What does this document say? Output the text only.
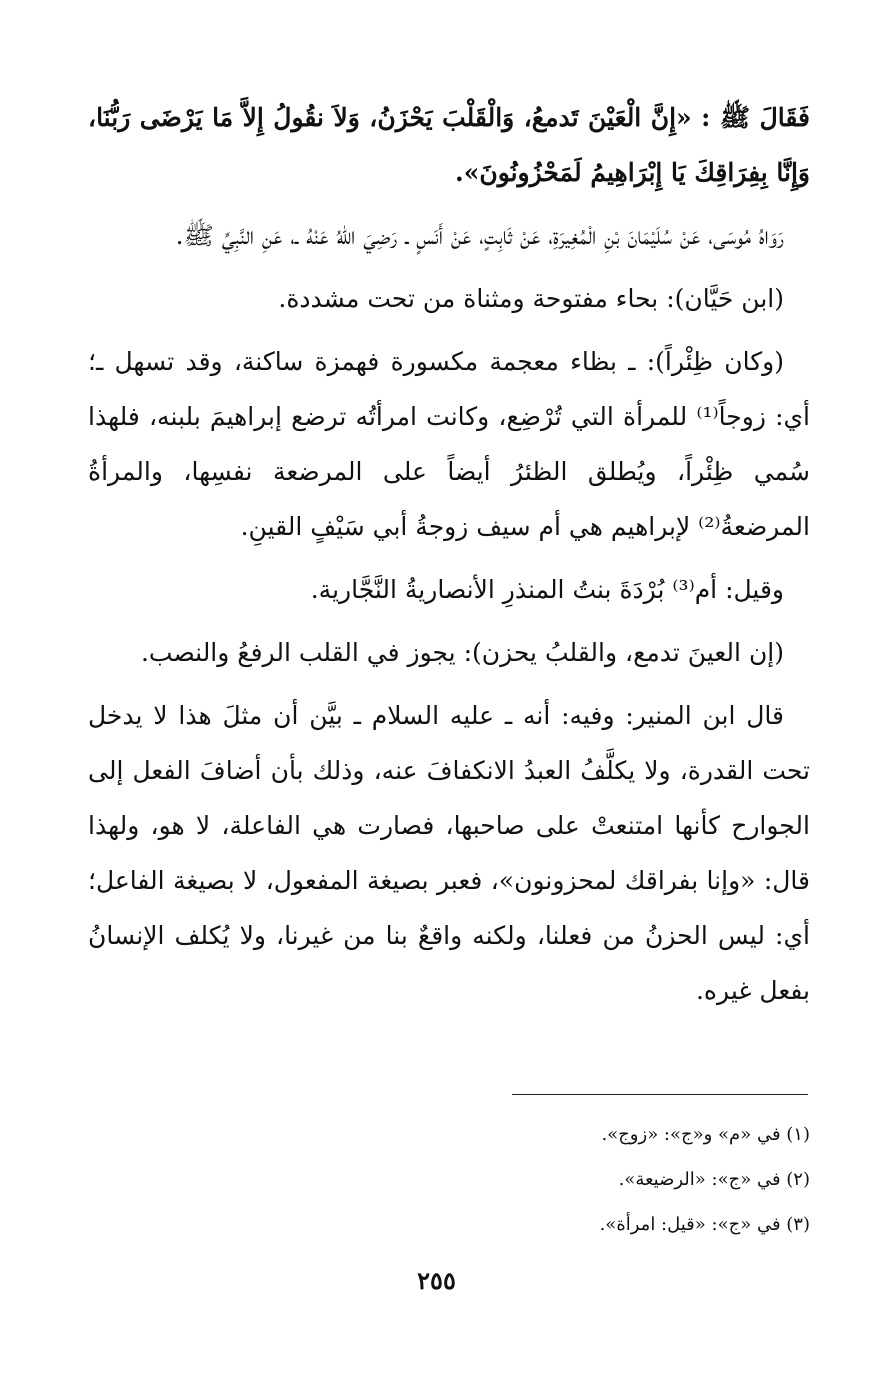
فَقَالَ ﷺ : «إِنَّ الْعَيْنَ تَدمعُ، وَالْقَلْبَ يَحْزَنُ، وَلاَ نقُولُ إِلاَّ مَا يَرْضَى رَبُّنَا، وَإِنَّا بِفِرَاقِكَ يَا إِبْرَاهِيمُ لَمَحْزُونُونَ».

رَوَاهُ مُوسَى، عَنْ سُلَيْمَانَ بْنِ الْمُغِيرَةِ، عَنْ ثَابِتٍ، عَنْ أَنَسٍ ـ رَضِيَ اللهُ عَنْهُ ـ، عَنِ النَّبِيِّ ﷺ.

(ابن حَيَّان): بحاء مفتوحة ومثناة من تحت مشددة.

(وكان ظِئْراً): ـ بظاء معجمة مكسورة فهمزة ساكنة، وقد تسهل ـ؛ أي: زوجاً⁽¹⁾ للمرأة التي تُرْضِع، وكانت امرأتُه ترضع إبراهيمَ بلبنه، فلهذا سُمي ظِئْراً، ويُطلق الظئرُ أيضاً على المرضعة نفسِها، والمرأةُ المرضعةُ⁽²⁾ لإبراهيم هي أم سيف زوجةُ أبي سَيْفٍ القينِ.

وقيل: أم⁽³⁾ بُرْدَةَ بنتُ المنذرِ الأنصاريةُ النَّجَّارية.

(إن العينَ تدمع، والقلبُ يحزن): يجوز في القلب الرفعُ والنصب.

قال ابن المنير: وفيه: أنه ـ عليه السلام ـ بيَّن أن مثلَ هذا لا يدخل تحت القدرة، ولا يكلَّفُ العبدُ الانكفافَ عنه، وذلك بأن أضافَ الفعل إلى الجوارح كأنها امتنعتْ على صاحبها، فصارت هي الفاعلة، لا هو، ولهذا قال: «وإنا بفراقك لمحزونون»، فعبر بصيغة المفعول، لا بصيغة الفاعل؛ أي: ليس الحزنُ من فعلنا، ولكنه واقعٌ بنا من غيرنا، ولا يُكلف الإنسانُ بفعل غيره.

(١) في «م» و«ج»: «زوج».

(٢) في «ج»: «الرضيعة».

(٣) في «ج»: «قيل: امرأة».

٢٥٥
